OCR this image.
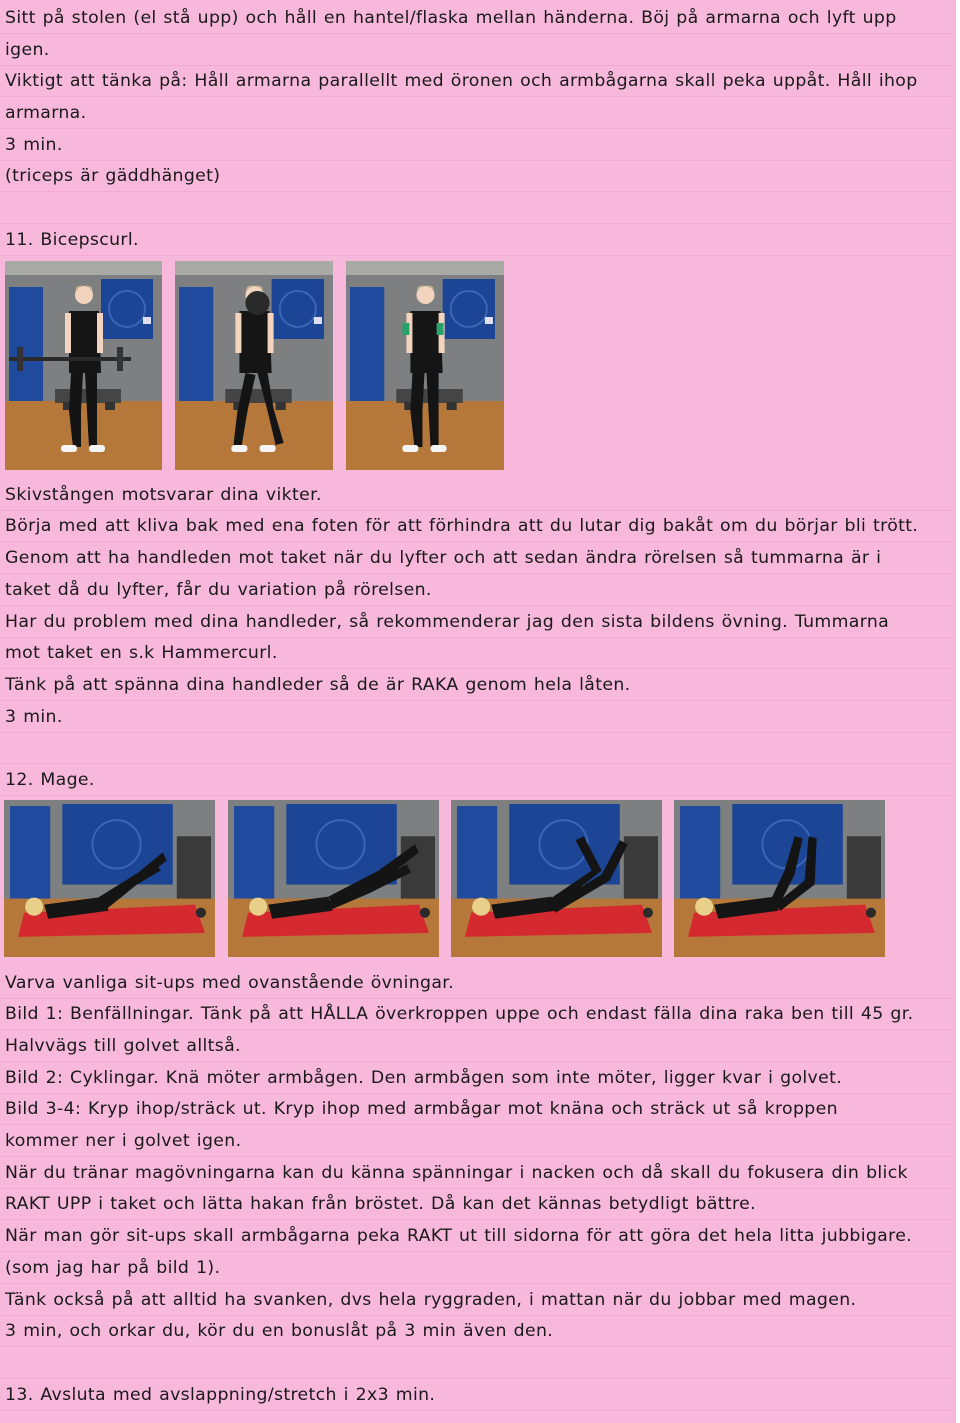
Sitt på stolen (el stå upp) och håll en hantel/flaska mellan händerna. Böj på armarna och lyft upp
igen.
Viktigt att tänka på: Håll armarna parallellt med öronen och armbågarna skall peka uppåt. Håll ihop
armarna.
3 min.
(triceps är gäddhänget)
11. Bicepscurl.
Skivstången motsvarar dina vikter.
Börja med att kliva bak med ena foten för att förhindra att du lutar dig bakåt om du börjar bli trött.
Genom att ha handleden mot taket när du lyfter och att sedan ändra rörelsen så tummarna är i
taket då du lyfter, får du variation på rörelsen.
Har du problem med dina handleder, så rekommenderar jag den sista bildens övning. Tummarna
mot taket en s.k Hammercurl.
Tänk på att spänna dina handleder så de är RAKA genom hela låten.
3 min.
12. Mage.
Varva vanliga sit-ups med ovanstående övningar.
Bild 1: Benfällningar. Tänk på att HÅLLA överkroppen uppe och endast fälla dina raka ben till 45 gr.
Halvvägs till golvet alltså.
Bild 2: Cyklingar. Knä möter armbågen. Den armbågen som inte möter, ligger kvar i golvet.
Bild 3-4: Kryp ihop/sträck ut. Kryp ihop med armbågar mot knäna och sträck ut så kroppen
kommer ner i golvet igen.
När du tränar magövningarna kan du känna spänningar i nacken och då skall du fokusera din blick
RAKT UPP i taket och lätta hakan från bröstet. Då kan det kännas betydligt bättre.
När man gör sit-ups skall armbågarna peka RAKT ut till sidorna för att göra det hela litta jubbigare.
(som jag har på bild 1).
Tänk också på att alltid ha svanken, dvs hela ryggraden, i mattan när du jobbar med magen.
3 min, och orkar du, kör du en bonuslåt på 3 min även den.
13. Avsluta med avslappning/stretch i 2x3 min.
